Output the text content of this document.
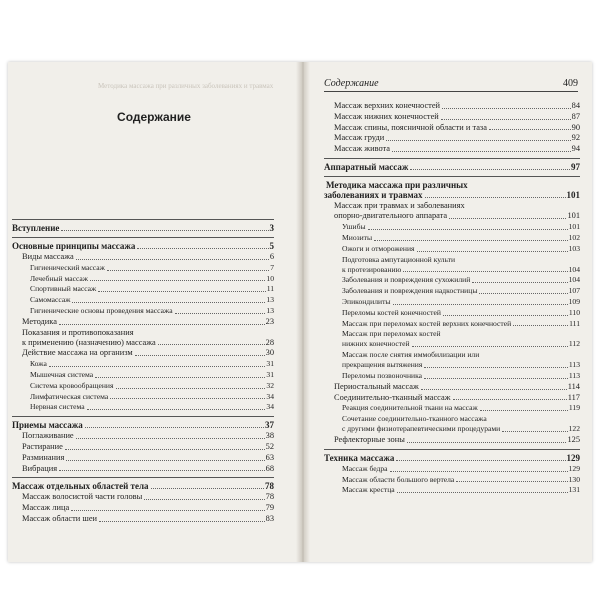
Методика массажа при различных заболеваниях и травмах
Содержание
Вступление	3
Основные принципы массажа	5
Виды массажа	6
Гигиенический массаж	7
Лечебный массаж	10
Спортивный массаж	11
Самомассаж	13
Гигиенические основы проведения массажа	13
Методика	23
Показания и противопоказания
к применению (назначению) массажа	28
Действие массажа на организм	30
Кожа	31
Мышечная система	31
Система кровообращения	32
Лимфатическая система	34
Нервная система	34
Приемы массажа	37
Поглаживание	38
Растирание	52
Разминания	63
Вибрация	68
Массаж отдельных областей тела	78
Массаж волосистой части головы	78
Массаж лица	79
Массаж области шеи	83
Содержание	409
Массаж верхних конечностей	84
Массаж нижних конечностей	87
Массаж спины, поясничной области и таза	90
Массаж груди	92
Массаж живота	94
Аппаратный массаж	97
Методика массажа при различных
заболеваниях и травмах	101
Массаж при травмах и заболеваниях
опорно-двигательного аппарата	101
Ушибы	101
Миозиты	102
Ожоги и отморожения	103
Подготовка ампутационной культи
к протезированию	104
Заболевания и повреждения сухожилий	104
Заболевания и повреждения надкостницы	107
Эпикондилиты	109
Переломы костей конечностей	110
Массаж при переломах костей верхних конечностей	111
Массаж при переломах костей
нижних конечностей	112
Массаж после снятия иммобилизации или
прекращения вытяжения	113
Переломы позвоночника	113
Периостальный массаж	114
Соединительно-тканный массаж	117
Реакция соединительной ткани на массаж	119
Сочетание соединительно-тканного массажа
с другими физиотерапевтическими процедурами	122
Рефлекторные зоны	125
Техника массажа	129
Массаж бедра	129
Массаж области большого вертела	130
Массаж крестца	131
